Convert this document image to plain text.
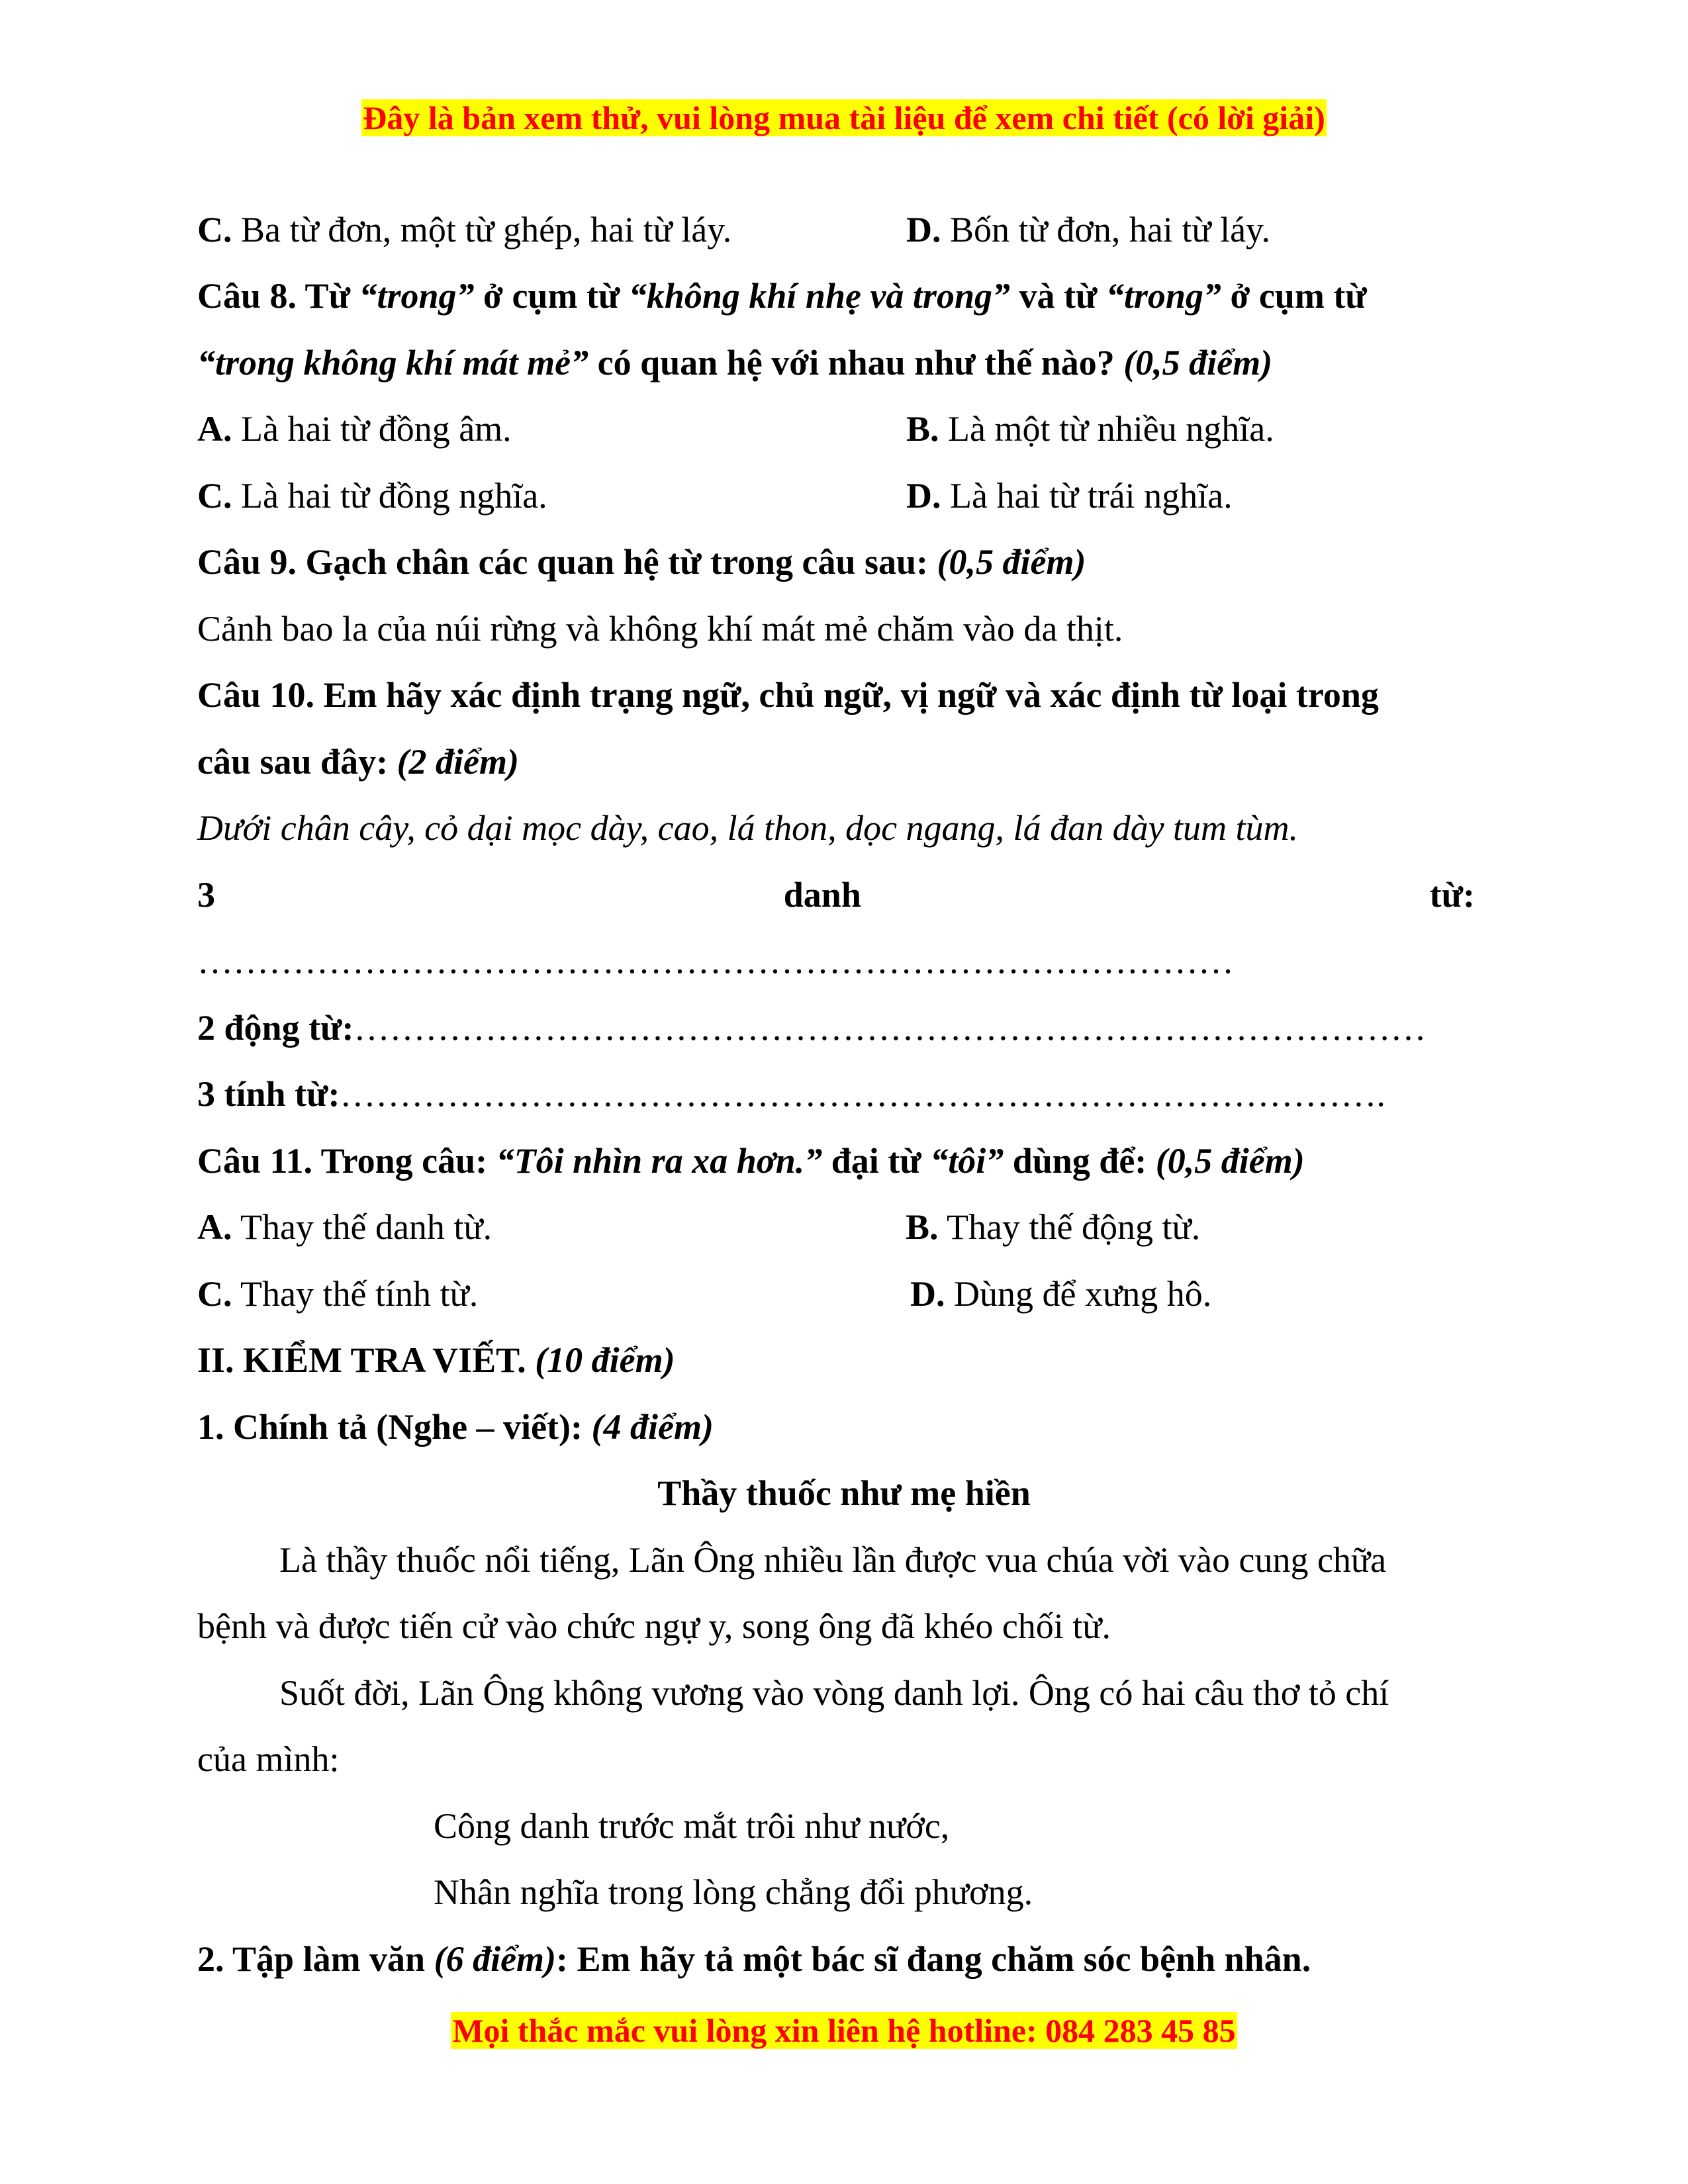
Đây là bản xem thử, vui lòng mua tài liệu để xem chi tiết (có lời giải)
C. Ba từ đơn, một từ ghép, hai từ láy.	D. Bốn từ đơn, hai từ láy.
Câu 8. Từ “trong” ở cụm từ “không khí nhẹ và trong” và từ “trong” ở cụm từ
“trong không khí mát mẻ” có quan hệ với nhau như thế nào? (0,5 điểm)
A. Là hai từ đồng âm.	B. Là một từ nhiều nghĩa.
C. Là hai từ đồng nghĩa.	D. Là hai từ trái nghĩa.
Câu 9. Gạch chân các quan hệ từ trong câu sau: (0,5 điểm)
Cảnh bao la của núi rừng và không khí mát mẻ chăm vào da thịt.
Câu 10. Em hãy xác định trạng ngữ, chủ ngữ, vị ngữ và xác định từ loại trong
câu sau đây: (2 điểm)
Dưới chân cây, cỏ dại mọc dày, cao, lá thon, dọc ngang, lá đan dày tum tùm.
3	danh	từ:
……………………………………………………………………………
2 động từ:………………………………………………………………………………
3 tính từ:…………………………………………………………………………….
Câu 11. Trong câu: “Tôi nhìn ra xa hơn.” đại từ “tôi” dùng để: (0,5 điểm)
A. Thay thế danh từ.	B. Thay thế động từ.
C. Thay thế tính từ.	D. Dùng để xưng hô.
II. KIỂM TRA VIẾT. (10 điểm)
1. Chính tả (Nghe – viết): (4 điểm)
Thầy thuốc như mẹ hiền
Là thầy thuốc nổi tiếng, Lãn Ông nhiều lần được vua chúa vời vào cung chữa
bệnh và được tiến cử vào chức ngự y, song ông đã khéo chối từ.
Suốt đời, Lãn Ông không vương vào vòng danh lợi. Ông có hai câu thơ tỏ chí
của mình:
Công danh trước mắt trôi như nước,
Nhân nghĩa trong lòng chẳng đổi phương.
2. Tập làm văn (6 điểm): Em hãy tả một bác sĩ đang chăm sóc bệnh nhân.
Mọi thắc mắc vui lòng xin liên hệ hotline: 084 283 45 85
